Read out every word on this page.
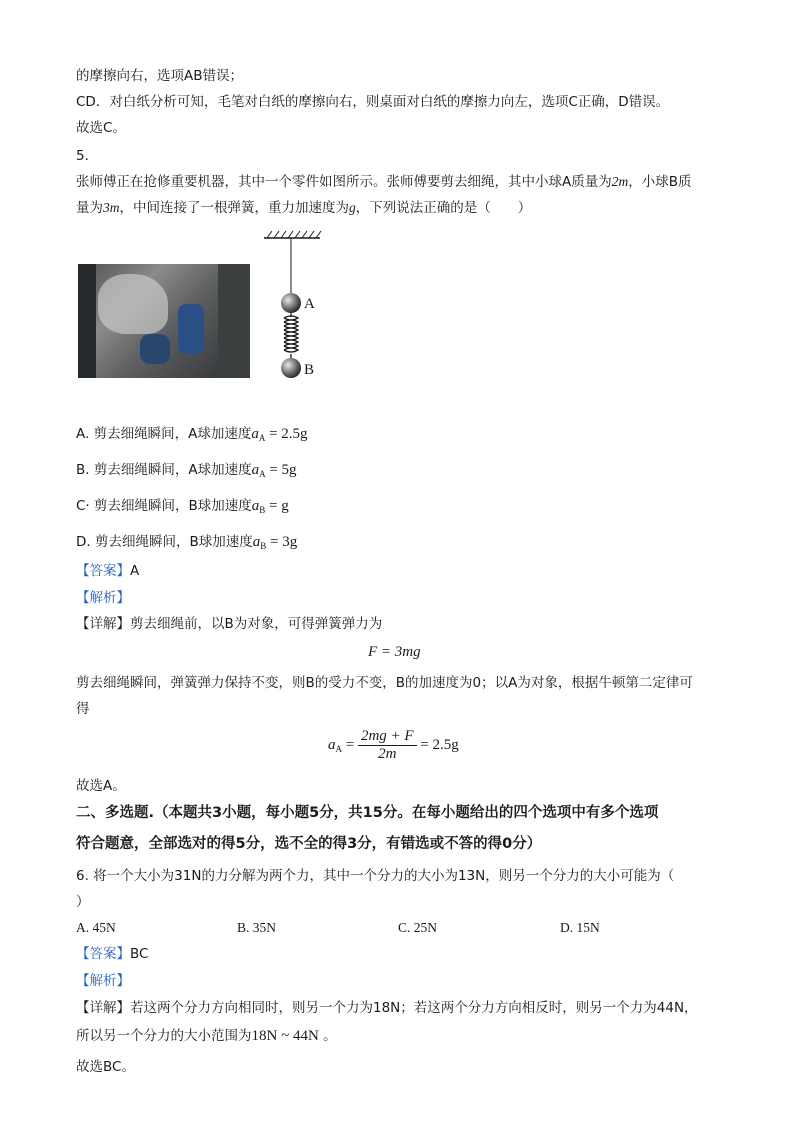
的摩擦向右，选项AB错误；
CD．对白纸分析可知，毛笔对白纸的摩擦向右，则桌面对白纸的摩擦力向左，选项C正确，D错误。
故选C。
5.
张师傅正在抢修重要机器，其中一个零件如图所示。张师傅要剪去细绳，其中小球A质量为2m，小球B质
量为3m，中间连接了一根弹簧，重力加速度为g，下列说法正确的是（　　）
A
B
A. 剪去细绳瞬间，A球加速度$a_A = 2.5g$
B. 剪去细绳瞬间，A球加速度$a_A = 5g$
C· 剪去细绳瞬间，B球加速度$a_B = g$
D. 剪去细绳瞬间，B球加速度$a_B = 3g$
【答案】A
【解析】
【详解】剪去细绳前，以B为对象，可得弹簧弹力为
F = 3mg
剪去细绳瞬间，弹簧弹力保持不变，则B的受力不变，B的加速度为0；以A为对象，根据牛顿第二定律可
得
$a_A = \frac{2mg + F}{2m} = 2.5g$
故选A。
二、多选题.（本题共3小题，每小题5分，共15分。在每小题给出的四个选项中有多个选项
符合题意，全部选对的得5分，选不全的得3分，有错选或不答的得0分）
6. 将一个大小为31N的力分解为两个力，其中一个分力的大小为13N，则另一个分力的大小可能为（
）
A. 45N	B. 35N	C. 25N	D. 15N
【答案】BC
【解析】
【详解】若这两个分力方向相同时，则另一个力为18N；若这两个分力方向相反时，则另一个力为44N，
所以另一个分力的大小范围为18N ~ 44N 。
故选BC。
